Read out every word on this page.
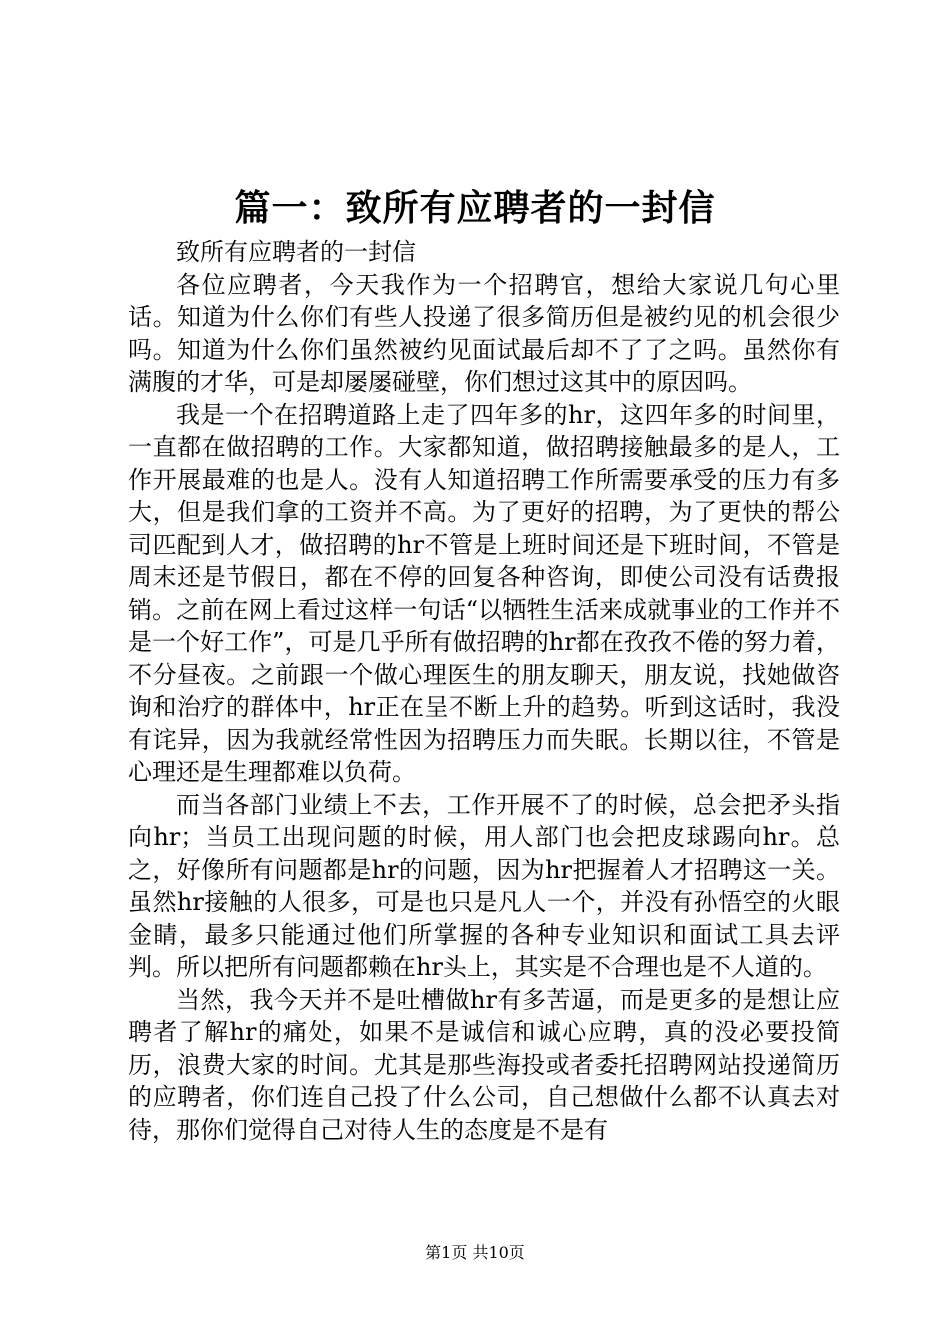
篇一：致所有应聘者的一封信

致所有应聘者的一封信

各位应聘者，今天我作为一个招聘官，想给大家说几句心里话。知道为什么你们有些人投递了很多简历但是被约见的机会很少吗。知道为什么你们虽然被约见面试最后却不了了之吗。虽然你有满腹的才华，可是却屡屡碰壁，你们想过这其中的原因吗。

我是一个在招聘道路上走了四年多的hr，这四年多的时间里，一直都在做招聘的工作。大家都知道，做招聘接触最多的是人，工作开展最难的也是人。没有人知道招聘工作所需要承受的压力有多大，但是我们拿的工资并不高。为了更好的招聘，为了更快的帮公司匹配到人才，做招聘的hr不管是上班时间还是下班时间，不管是周末还是节假日，都在不停的回复各种咨询，即使公司没有话费报销。之前在网上看过这样一句话“以牺牲生活来成就事业的工作并不是一个好工作”，可是几乎所有做招聘的hr都在孜孜不倦的努力着，不分昼夜。之前跟一个做心理医生的朋友聊天，朋友说，找她做咨询和治疗的群体中，hr正在呈不断上升的趋势。听到这话时，我没有诧异，因为我就经常性因为招聘压力而失眠。长期以往，不管是心理还是生理都难以负荷。

而当各部门业绩上不去，工作开展不了的时候，总会把矛头指向hr；当员工出现问题的时候，用人部门也会把皮球踢向hr。总之，好像所有问题都是hr的问题，因为hr把握着人才招聘这一关。虽然hr接触的人很多，可是也只是凡人一个，并没有孙悟空的火眼金睛，最多只能通过他们所掌握的各种专业知识和面试工具去评判。所以把所有问题都赖在hr头上，其实是不合理也是不人道的。

当然，我今天并不是吐槽做hr有多苦逼，而是更多的是想让应聘者了解hr的痛处，如果不是诚信和诚心应聘，真的没必要投简历，浪费大家的时间。尤其是那些海投或者委托招聘网站投递简历的应聘者，你们连自己投了什么公司，自己想做什么都不认真去对待，那你们觉得自己对待人生的态度是不是有

第1页 共10页
